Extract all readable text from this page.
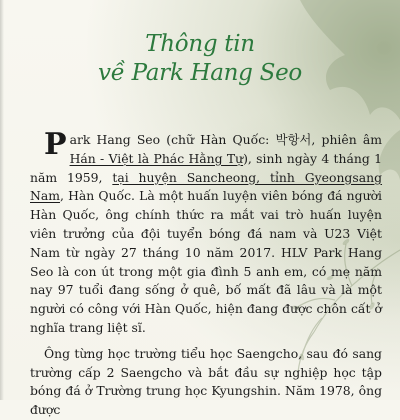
Thông tin
về Park Hang Seo

Park Hang Seo (chữ Hàn Quốc: 박항서, phiên âm Hán - Việt là Phác Hằng Tự), sinh ngày 4 tháng 1 năm 1959, tại huyện Sancheong, tỉnh Gyeongsang Nam, Hàn Quốc. Là một huấn luyện viên bóng đá người Hàn Quốc, ông chính thức ra mắt vai trò huấn luyện viên trưởng của đội tuyển bóng đá nam và U23 Việt Nam từ ngày 27 tháng 10 năm 2017. HLV Park Hang Seo là con út trong một gia đình 5 anh em, có mẹ năm nay 97 tuổi đang sống ở quê, bố mất đã lâu và là một người có công với Hàn Quốc, hiện đang được chôn cất ở nghĩa trang liệt sĩ.

Ông từng học trường tiểu học Saengcho, sau đó sang trường cấp 2 Saengcho và bắt đầu sự nghiệp học tập bóng đá ở Trường trung học Kyungshin. Năm 1978, ông được
